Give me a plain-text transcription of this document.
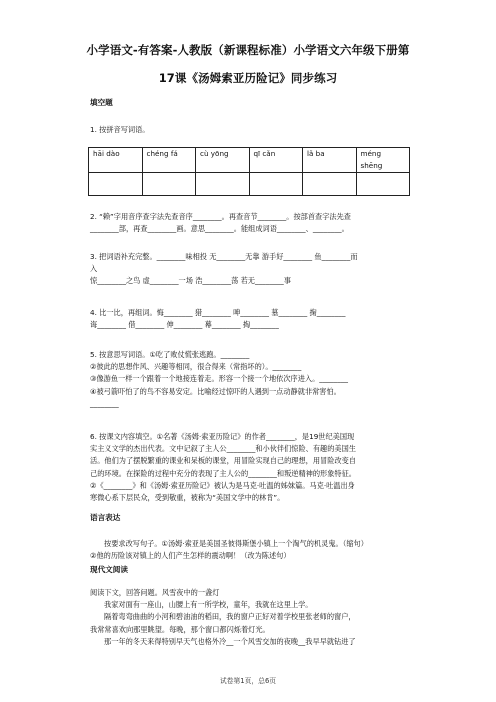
小学语文-有答案-人教版（新课程标准）小学语文六年级下册第
17课《汤姆索亚历险记》同步练习
填空题
1. 按拼音写词语。
hāi dào	chéng fá	cù yōng	qī cǎn	lǎ ba	méng shēng

2. “赖”字用音序查字法先查音序________。再查音节________。按部首查字法先查
________部，再查________画。意思________。能组成词语________、________。
3. 把词语补充完整。________味相投 无________无靠 游手好________ 鱼________而
入
惊________之鸟 虚________一场 浩________荡 若无________事
4. 比一比，再组词。悔________ 猎________ 呻________ 墓________ 掬________
诲________ 借________ 伸________ 幕________ 掏________
5. 按意思写词语。①吃了败仗慌张逃跑。________
②彼此的思想作风、兴趣等相同，很合得来（常指坏的）。________
③像游鱼一样一个跟着一个地接连着走。形容一个接一个地依次序进入。________
④被弓箭吓怕了的鸟不容易安定。比喻经过惊吓的人遇到一点动静就非常害怕。
________
6. 按课文内容填空。①名著《汤姆·索亚历险记》的作者________，是19世纪美国现
实主义文学的杰出代表。文中记叙了主人公________和小伙伴们惊险、有趣的美国生
活。他们为了摆脱繁重的课业和呆板的课堂，用冒险实现自己的理想，用冒险改变自
己的环境。在探险的过程中充分的表现了主人公的________和叛逆精神的形象特征。
②《________》和《汤姆·索亚历险记》被认为是马克·吐温的姊妹篇。马克·吐温出身
寒微心系下层民众，受到敬重，被称为“美国文学中的林肯”。
语言表达
按要求改写句子。①汤姆·索亚是美国圣彼得斯堡小镇上一个淘气的机灵鬼。（缩句）
②他的历险该对镇上的人们产生怎样的震动啊！（改为陈述句）
现代文阅读
阅读下文，回答问题。风雪夜中的一盏灯
我家对面有一座山，山腰上有一所学校，童年，我就在这里上学。
隔着弯弯曲曲的小河和碧油油的稻田，我的窗户正好对着学校里张老师的窗户，
我常常喜欢向那里眺望。每晚，那个窗口都闪烁着灯光。
那一年的冬天来得特别早天气也格外冷__一个风雪交加的夜晚__我早早就钻进了
试卷第1页，总6页
